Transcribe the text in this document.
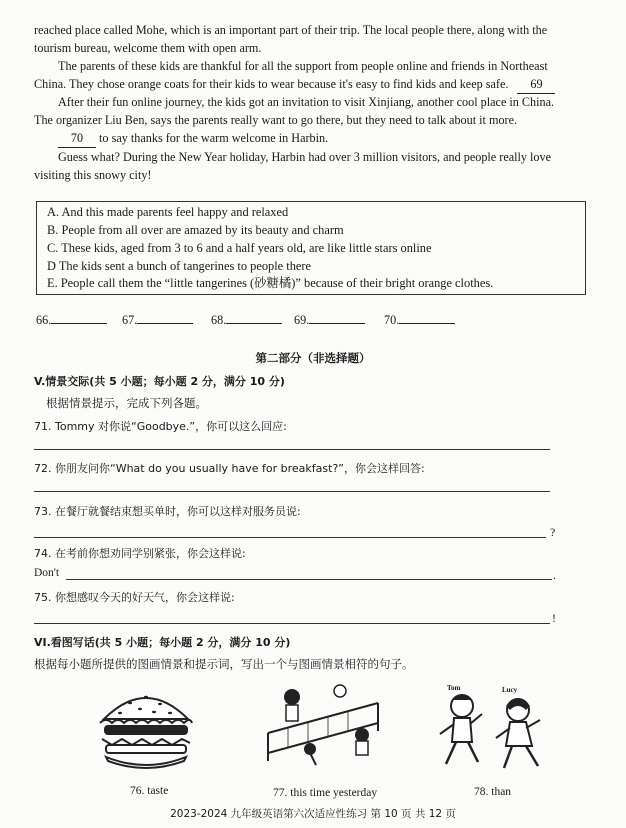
reached place called Mohe, which is an important part of their trip. The local people there, along with the
tourism bureau, welcome them with open arm.
The parents of these kids are thankful for all the support from people online and friends in Northeast
China. They chose orange coats for their kids to wear because it's easy to find kids and keep safe. 69
After their fun online journey, the kids got an invitation to visit Xinjiang, another cool place in China.
The organizer Liu Ben, says the parents really want to go there, but they need to talk about it more.
70 to say thanks for the warm welcome in Harbin.
Guess what? During the New Year holiday, Harbin had over 3 million visitors, and people really love
visiting this snowy city!
A. And this made parents feel happy and relaxed
B. People from all over are amazed by its beauty and charm
C. These kids, aged from 3 to 6 and a half years old, are like little stars online
D The kids sent a bunch of tangerines to people there
E. People call them the “little tangerines (砂糖橘)” because of their bright orange clothes.
66.	67.	68.	69.	70.
第二部分（非选择题）
V.情景交际(共 5 小题；每小题 2 分，满分 10 分)
根据情景提示，完成下列各题。
71. Tommy 对你说“Goodbye.”，你可以这么回应:
72. 你朋友问你“What do you usually have for breakfast?”，你会这样回答:
73. 在餐厅就餐结束想买单时，你可以这样对服务员说:
?
74. 在考前你想劝同学别紧张，你会这样说:
Don't	.
75. 你想感叹今天的好天气，你会这样说:
!
VI.看图写话(共 5 小题；每小题 2 分，满分 10 分)
根据每小题所提供的图画情景和提示词，写出一个与图画情景相符的句子。
76. taste	77. this time yesterday
Tom	Lucy
78. than
2023-2024 九年级英语第六次适应性练习 第 10 页 共 12 页
